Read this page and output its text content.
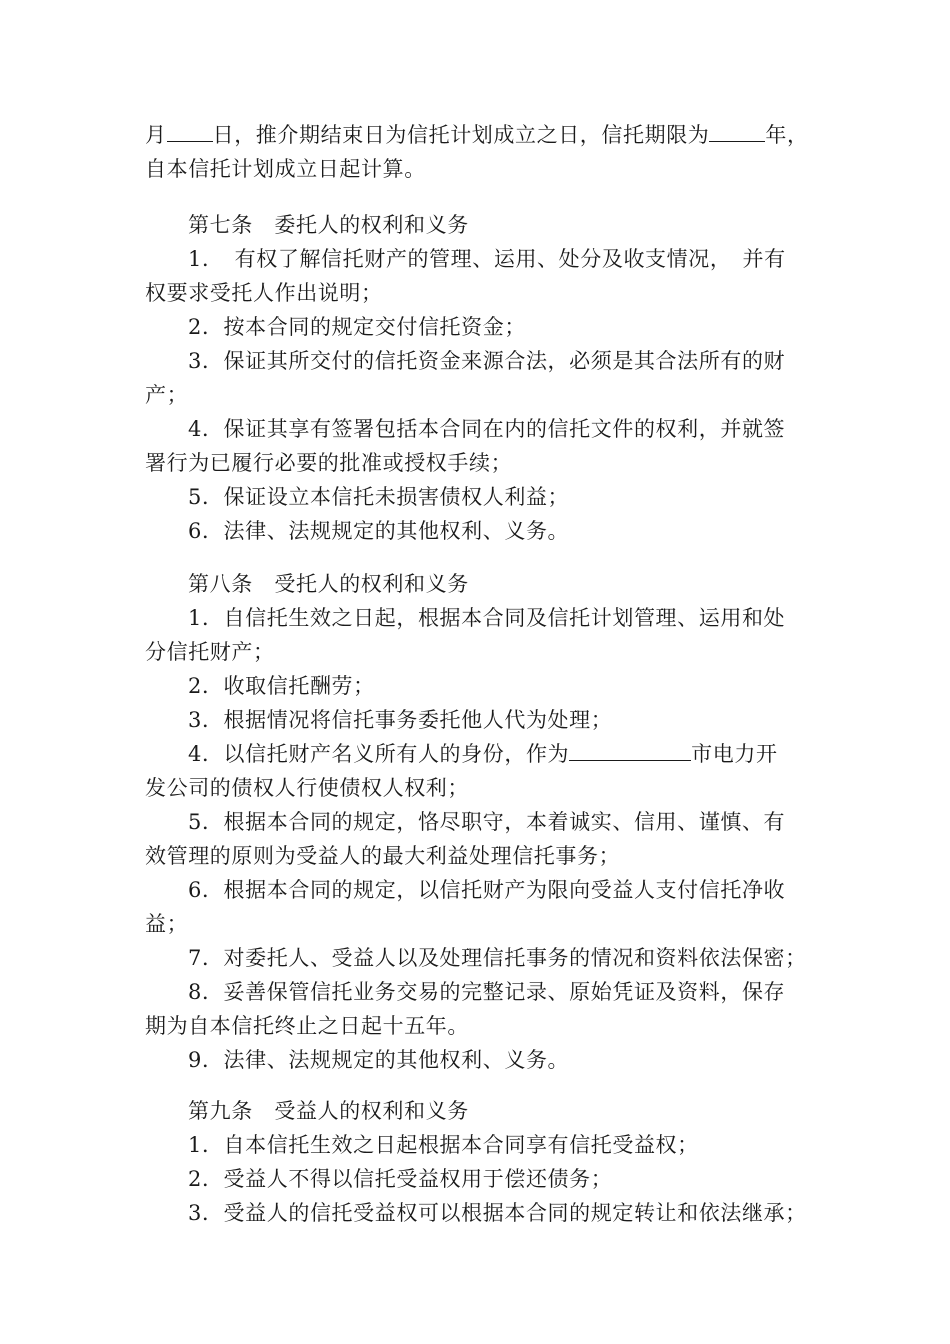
月 日，推介期结束日为信托计划成立之日，信托期限为	年，
自本信托计划成立日起计算。
第七条　委托人的权利和义务
1．　有权了解信托财产的管理、运用、处分及收支情况，　并有
权要求受托人作出说明；
2．按本合同的规定交付信托资金；
3．保证其所交付的信托资金来源合法，必须是其合法所有的财
产；
4．保证其享有签署包括本合同在内的信托文件的权利，并就签
署行为已履行必要的批准或授权手续；
5．保证设立本信托未损害债权人利益；
6．法律、法规规定的其他权利、义务。
第八条　受托人的权利和义务
1．自信托生效之日起，根据本合同及信托计划管理、运用和处
分信托财产；
2．收取信托酬劳；
3．根据情况将信托事务委托他人代为处理；
4．以信托财产名义所有人的身份，作为	市电力开
发公司的债权人行使债权人权利；
5．根据本合同的规定，恪尽职守，本着诚实、信用、谨慎、有
效管理的原则为受益人的最大利益处理信托事务；
6．根据本合同的规定，以信托财产为限向受益人支付信托净收
益；
7．对委托人、受益人以及处理信托事务的情况和资料依法保密；
8．妥善保管信托业务交易的完整记录、原始凭证及资料，保存
期为自本信托终止之日起十五年。
9．法律、法规规定的其他权利、义务。
第九条　受益人的权利和义务
1．自本信托生效之日起根据本合同享有信托受益权；
2．受益人不得以信托受益权用于偿还债务；
3．受益人的信托受益权可以根据本合同的规定转让和依法继承；
